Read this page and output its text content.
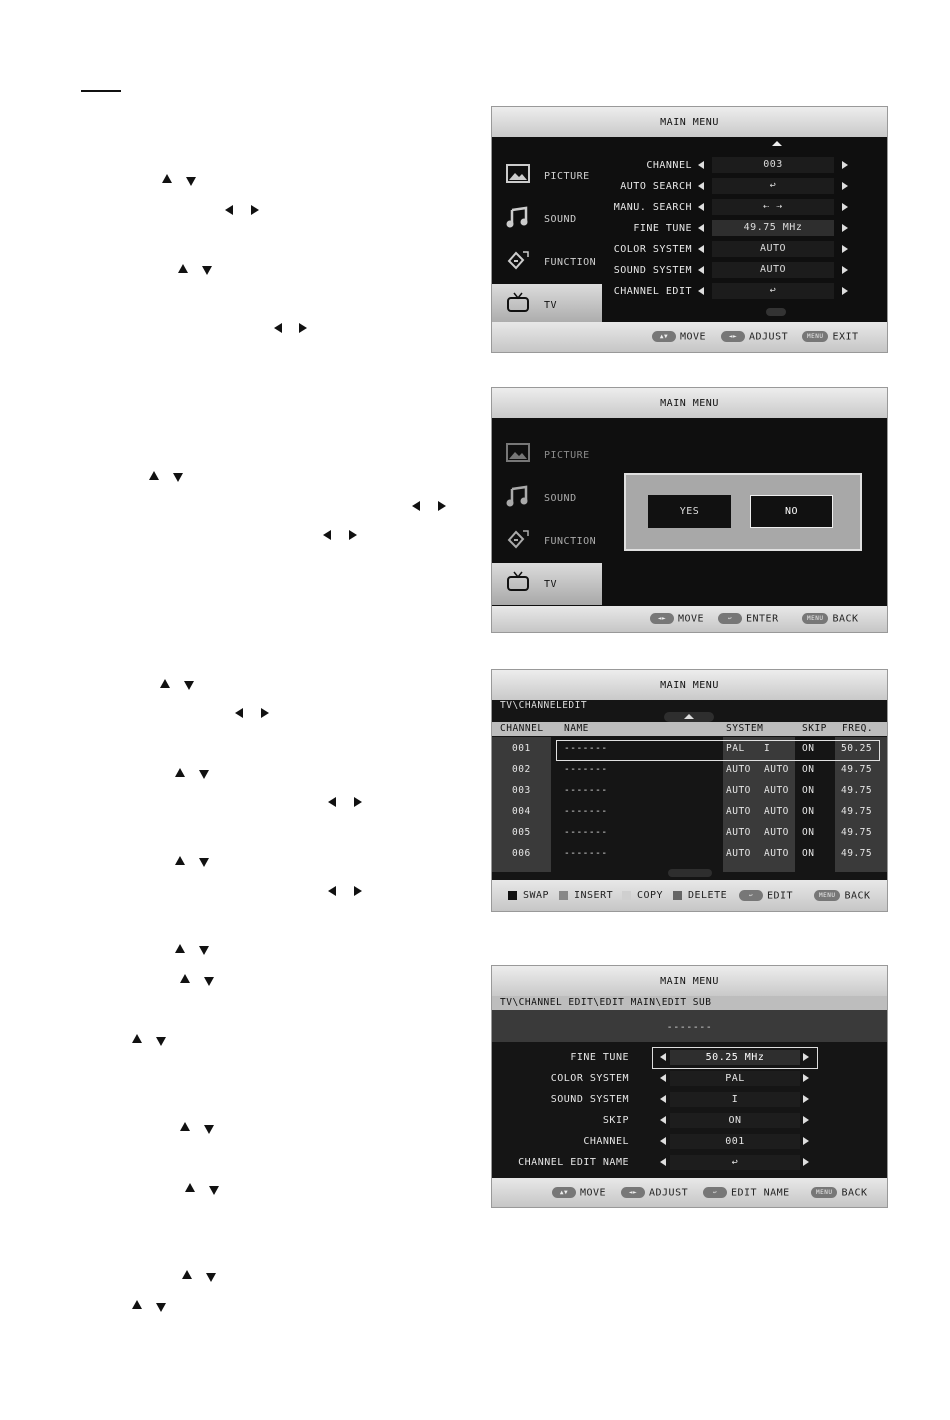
MAIN MENU
PICTURE
SOUND
FUNCTION
TV
CHANNEL	003
AUTO SEARCH	↩
MANU. SEARCH	⇠ ⇢
FINE TUNE	49.75 MHz
COLOR SYSTEM	AUTO
SOUND SYSTEM	AUTO
CHANNEL EDIT	↩
▲▼ MOVE	◄► ADJUST	MENU EXIT
MAIN MENU
PICTURE
SOUND
FUNCTION
TV
YES	NO
◄► MOVE	↩ ENTER	MENU BACK
MAIN MENU
TV\CHANNELEDIT
CHANNEL NAME	SYSTEM	SKIP FREQ.
001	-------	PAL I	ON	50.25
002	-------	AUTO AUTO ON	49.75
003	-------	AUTO AUTO ON	49.75
004	-------	AUTO AUTO ON	49.75
005	-------	AUTO AUTO ON	49.75
006	-------	AUTO AUTO ON	49.75
SWAP	INSERT	COPY	DELETE	↩ EDIT	MENU BACK
MAIN MENU
TV\CHANNEL EDIT\EDIT MAIN\EDIT SUB
-------
FINE TUNE	50.25 MHz
COLOR SYSTEM	PAL
SOUND SYSTEM	I
SKIP	ON
CHANNEL	001
CHANNEL EDIT NAME	↩
▲▼ MOVE	◄► ADJUST	↩ EDIT NAME	MENU BACK
